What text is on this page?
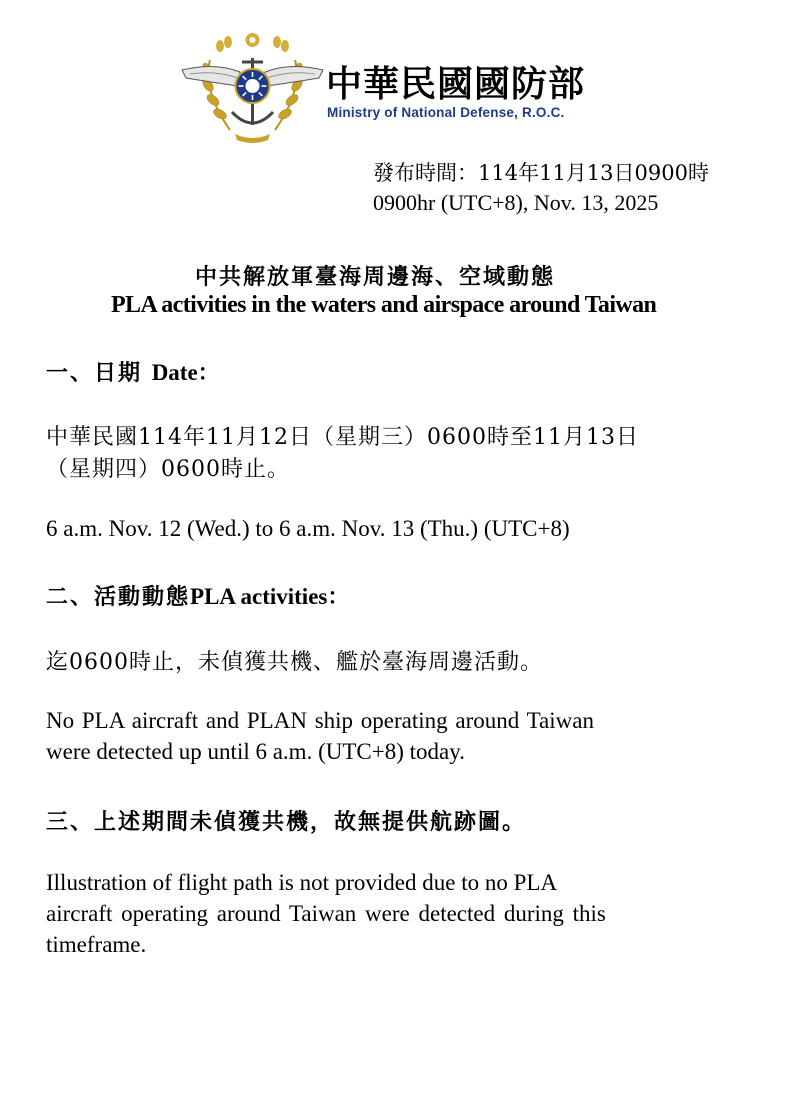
中華民國國防部
Ministry of National Defense, R.O.C.
發布時間：114年11月13日0900時
0900hr (UTC+8), Nov. 13, 2025
中共解放軍臺海周邊海、空域動態
PLA activities in the waters and airspace around Taiwan
一、日期 Date：
中華民國114年11月12日（星期三）0600時至11月13日
（星期四）0600時止。
6 a.m. Nov. 12 (Wed.) to 6 a.m. Nov. 13 (Thu.) (UTC+8)
二、活動動態PLA activities：
迄0600時止，未偵獲共機、艦於臺海周邊活動。
No PLA aircraft and PLAN ship operating around Taiwan
were detected up until 6 a.m. (UTC+8) today.
三、上述期間未偵獲共機，故無提供航跡圖。
Illustration of flight path is not provided due to no PLA
aircraft operating around Taiwan were detected during this
timeframe.
